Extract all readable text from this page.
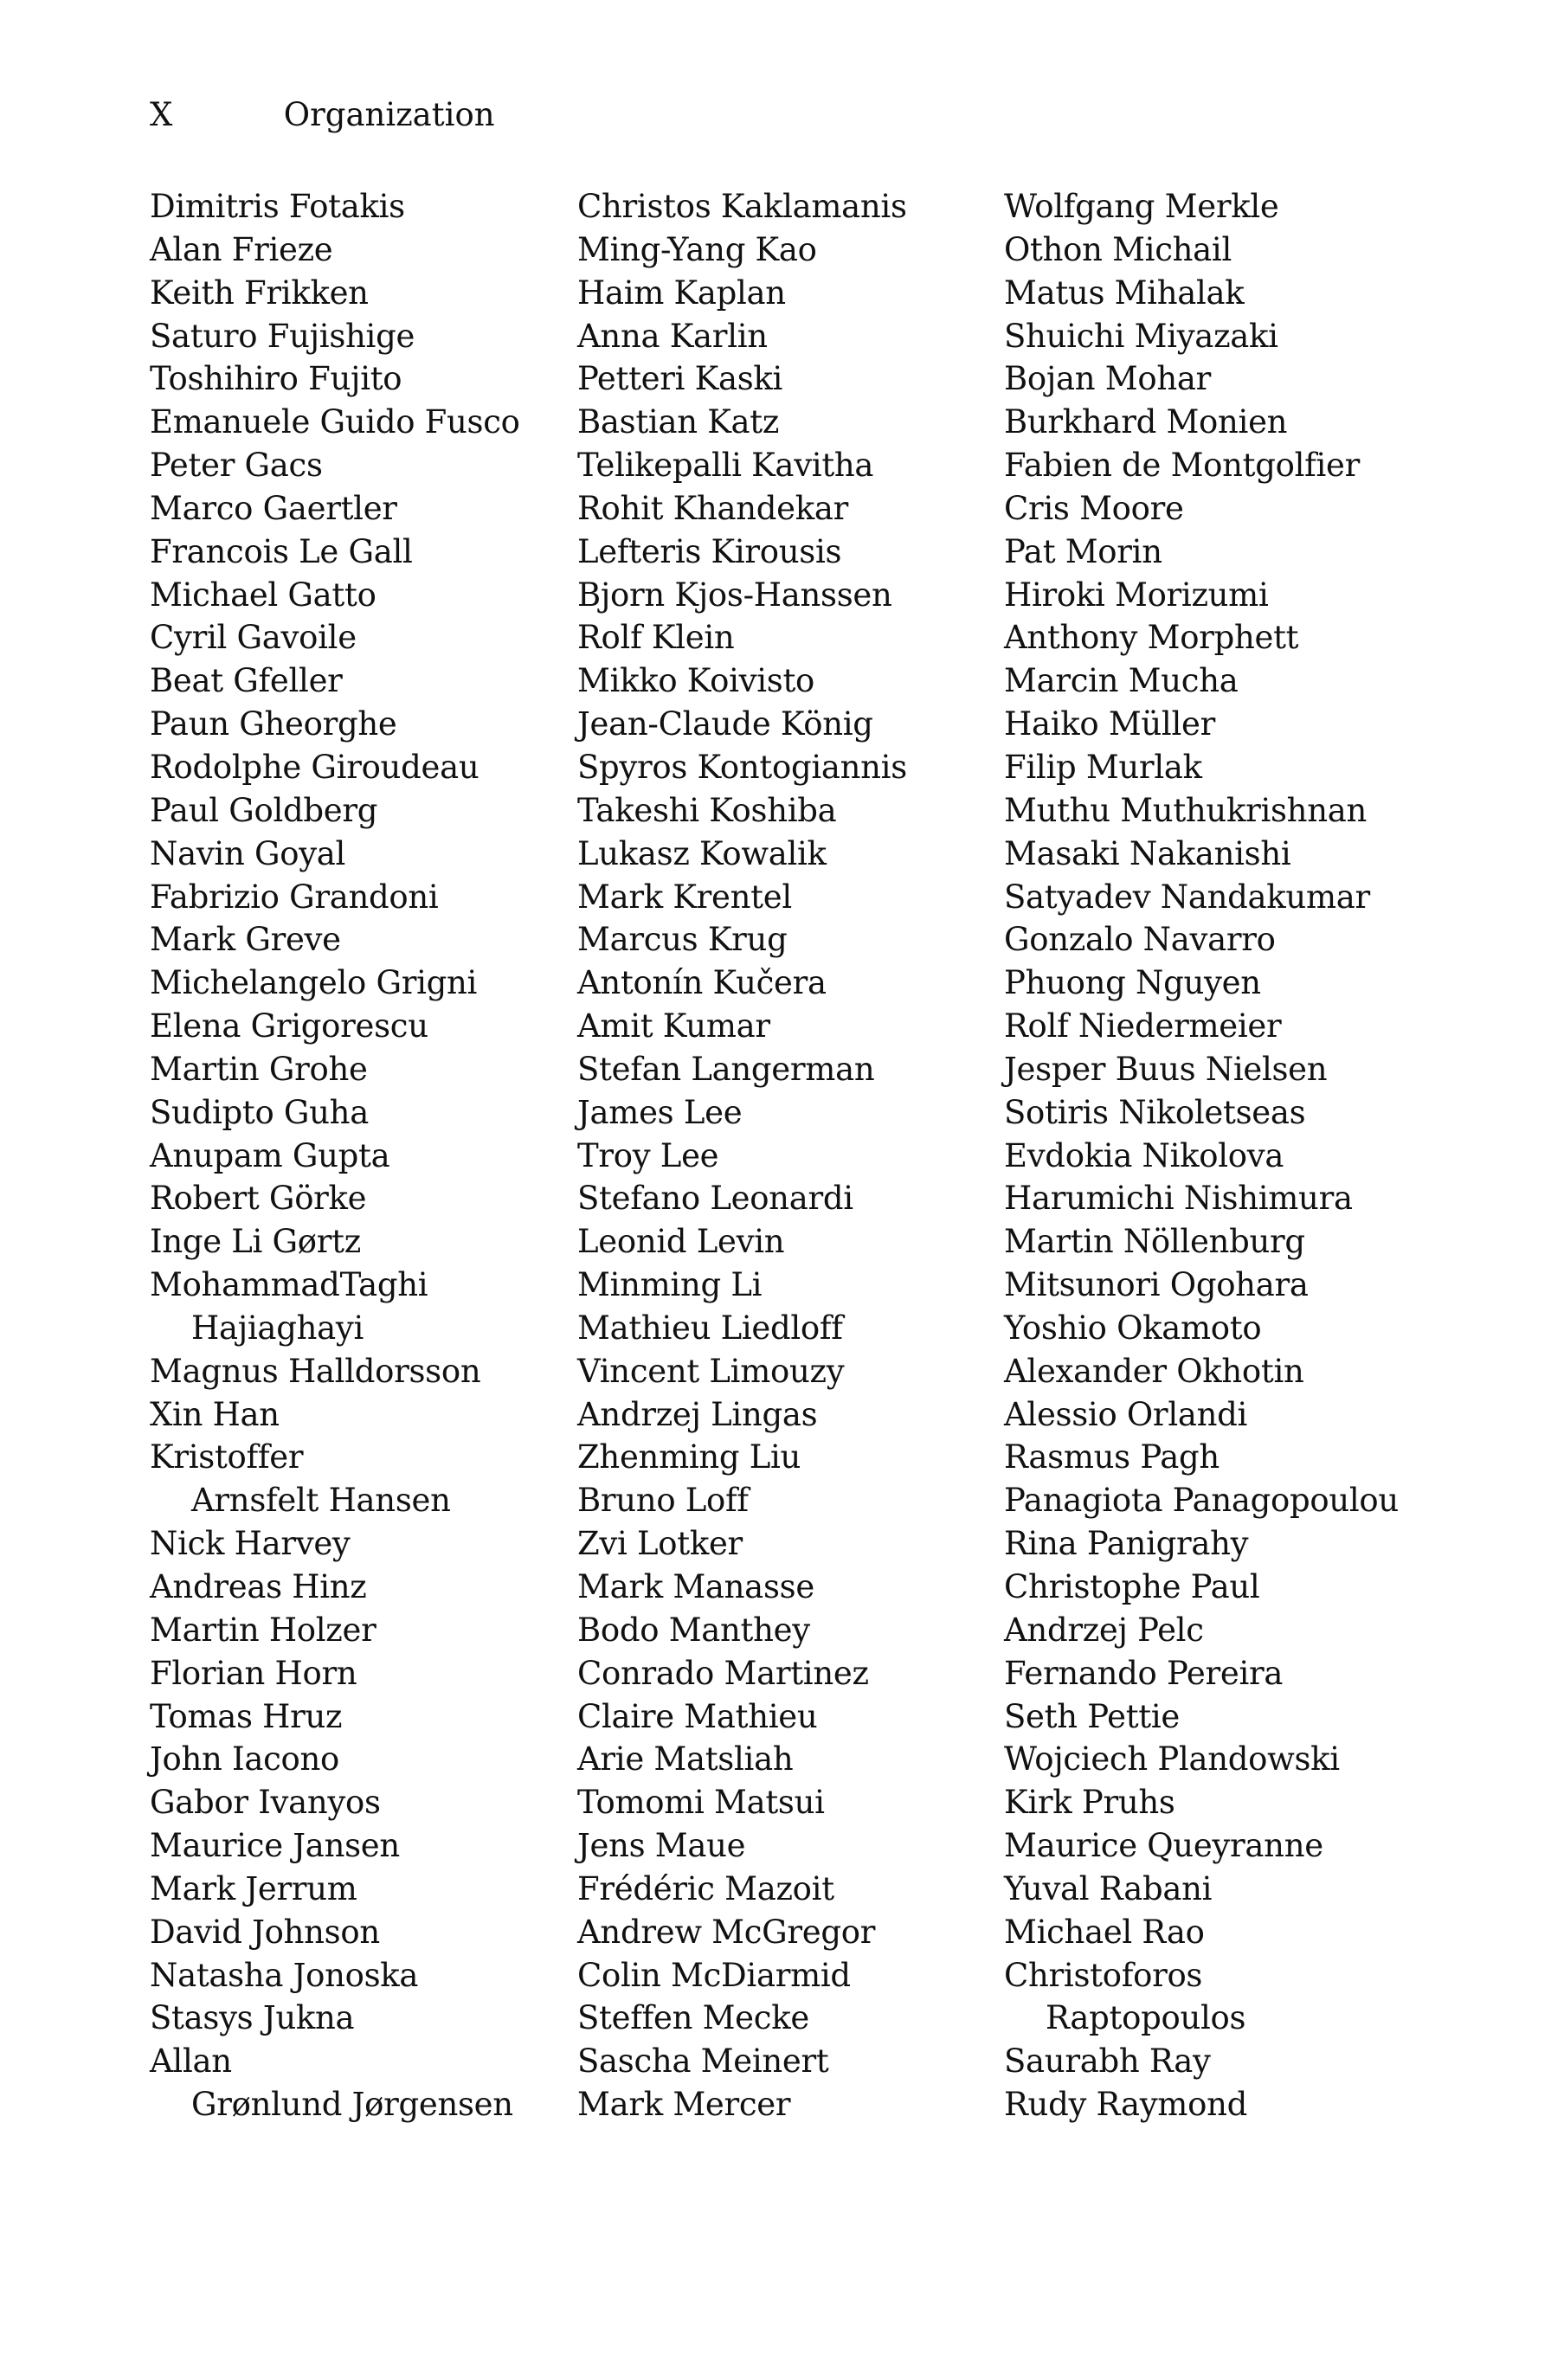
X	Organization
Dimitris Fotakis
Alan Frieze
Keith Frikken
Saturo Fujishige
Toshihiro Fujito
Emanuele Guido Fusco
Peter Gacs
Marco Gaertler
Francois Le Gall
Michael Gatto
Cyril Gavoile
Beat Gfeller
Paun Gheorghe
Rodolphe Giroudeau
Paul Goldberg
Navin Goyal
Fabrizio Grandoni
Mark Greve
Michelangelo Grigni
Elena Grigorescu
Martin Grohe
Sudipto Guha
Anupam Gupta
Robert Görke
Inge Li Gørtz
MohammadTaghi
Hajiaghayi
Magnus Halldorsson
Xin Han
Kristoffer
Arnsfelt Hansen
Nick Harvey
Andreas Hinz
Martin Holzer
Florian Horn
Tomas Hruz
John Iacono
Gabor Ivanyos
Maurice Jansen
Mark Jerrum
David Johnson
Natasha Jonoska
Stasys Jukna
Allan
Grønlund Jørgensen
Christos Kaklamanis
Ming-Yang Kao
Haim Kaplan
Anna Karlin
Petteri Kaski
Bastian Katz
Telikepalli Kavitha
Rohit Khandekar
Lefteris Kirousis
Bjorn Kjos-Hanssen
Rolf Klein
Mikko Koivisto
Jean-Claude König
Spyros Kontogiannis
Takeshi Koshiba
Lukasz Kowalik
Mark Krentel
Marcus Krug
Antonín Kučera
Amit Kumar
Stefan Langerman
James Lee
Troy Lee
Stefano Leonardi
Leonid Levin
Minming Li
Mathieu Liedloff
Vincent Limouzy
Andrzej Lingas
Zhenming Liu
Bruno Loff
Zvi Lotker
Mark Manasse
Bodo Manthey
Conrado Martinez
Claire Mathieu
Arie Matsliah
Tomomi Matsui
Jens Maue
Frédéric Mazoit
Andrew McGregor
Colin McDiarmid
Steffen Mecke
Sascha Meinert
Mark Mercer
Wolfgang Merkle
Othon Michail
Matus Mihalak
Shuichi Miyazaki
Bojan Mohar
Burkhard Monien
Fabien de Montgolfier
Cris Moore
Pat Morin
Hiroki Morizumi
Anthony Morphett
Marcin Mucha
Haiko Müller
Filip Murlak
Muthu Muthukrishnan
Masaki Nakanishi
Satyadev Nandakumar
Gonzalo Navarro
Phuong Nguyen
Rolf Niedermeier
Jesper Buus Nielsen
Sotiris Nikoletseas
Evdokia Nikolova
Harumichi Nishimura
Martin Nöllenburg
Mitsunori Ogohara
Yoshio Okamoto
Alexander Okhotin
Alessio Orlandi
Rasmus Pagh
Panagiota Panagopoulou
Rina Panigrahy
Christophe Paul
Andrzej Pelc
Fernando Pereira
Seth Pettie
Wojciech Plandowski
Kirk Pruhs
Maurice Queyranne
Yuval Rabani
Michael Rao
Christoforos
Raptopoulos
Saurabh Ray
Rudy Raymond
